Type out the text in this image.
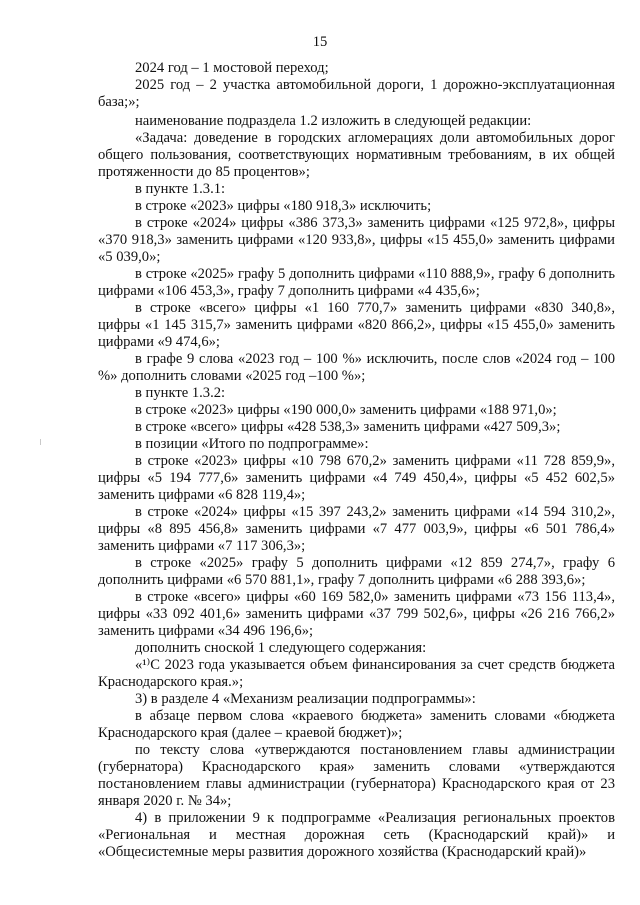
15

2024 год – 1 мостовой переход;

2025 год – 2 участка автомобильной дороги, 1 дорожно-эксплуатационная база;»;

наименование подраздела 1.2 изложить в следующей редакции:

«Задача: доведение в городских агломерациях доли автомобильных дорог общего пользования, соответствующих нормативным требованиям, в их общей протяженности до 85 процентов»;

в пункте 1.3.1:

в строке «2023» цифры «180 918,3» исключить;

в строке «2024» цифры «386 373,3» заменить цифрами «125 972,8», цифры «370 918,3» заменить цифрами «120 933,8», цифры «15 455,0» заменить цифрами «5 039,0»;

в строке «2025» графу 5 дополнить цифрами «110 888,9», графу 6 дополнить цифрами «106 453,3», графу 7 дополнить цифрами «4 435,6»;

в строке «всего» цифры «1 160 770,7» заменить цифрами «830 340,8», цифры «1 145 315,7» заменить цифрами «820 866,2», цифры «15 455,0» заменить цифрами «9 474,6»;

в графе 9 слова «2023 год – 100 %» исключить, после слов «2024 год – 100 %» дополнить словами «2025 год –100 %»;

в пункте 1.3.2:

в строке «2023» цифры «190 000,0» заменить цифрами «188 971,0»;

в строке «всего» цифры «428 538,3» заменить цифрами «427 509,3»;

в позиции «Итого по подпрограмме»:

в строке «2023» цифры «10 798 670,2» заменить цифрами «11 728 859,9», цифры «5 194 777,6» заменить цифрами «4 749 450,4», цифры «5 452 602,5» заменить цифрами «6 828 119,4»;

в строке «2024» цифры «15 397 243,2» заменить цифрами «14 594 310,2», цифры «8 895 456,8» заменить цифрами «7 477 003,9», цифры «6 501 786,4» заменить цифрами «7 117 306,3»;

в строке «2025» графу 5 дополнить цифрами «12 859 274,7», графу 6 дополнить цифрами «6 570 881,1», графу 7 дополнить цифрами «6 288 393,6»;

в строке «всего» цифры «60 169 582,0» заменить цифрами «73 156 113,4», цифры «33 092 401,6» заменить цифрами «37 799 502,6», цифры «26 216 766,2» заменить цифрами «34 496 196,6»;

дополнить сноской 1 следующего содержания:

«¹⁾С 2023 года указывается объем финансирования за счет средств бюджета Краснодарского края.»;

3) в разделе 4 «Механизм реализации подпрограммы»:

в абзаце первом слова «краевого бюджета» заменить словами «бюджета Краснодарского края (далее – краевой бюджет)»;

по тексту слова «утверждаются постановлением главы администрации (губернатора) Краснодарского края» заменить словами «утверждаются постановлением главы администрации (губернатора) Краснодарского края от 23 января 2020 г. № 34»;

4) в приложении 9 к подпрограмме «Реализация региональных проектов «Региональная и местная дорожная сеть (Краснодарский край)» и «Общесистемные меры развития дорожного хозяйства (Краснодарский край)»
